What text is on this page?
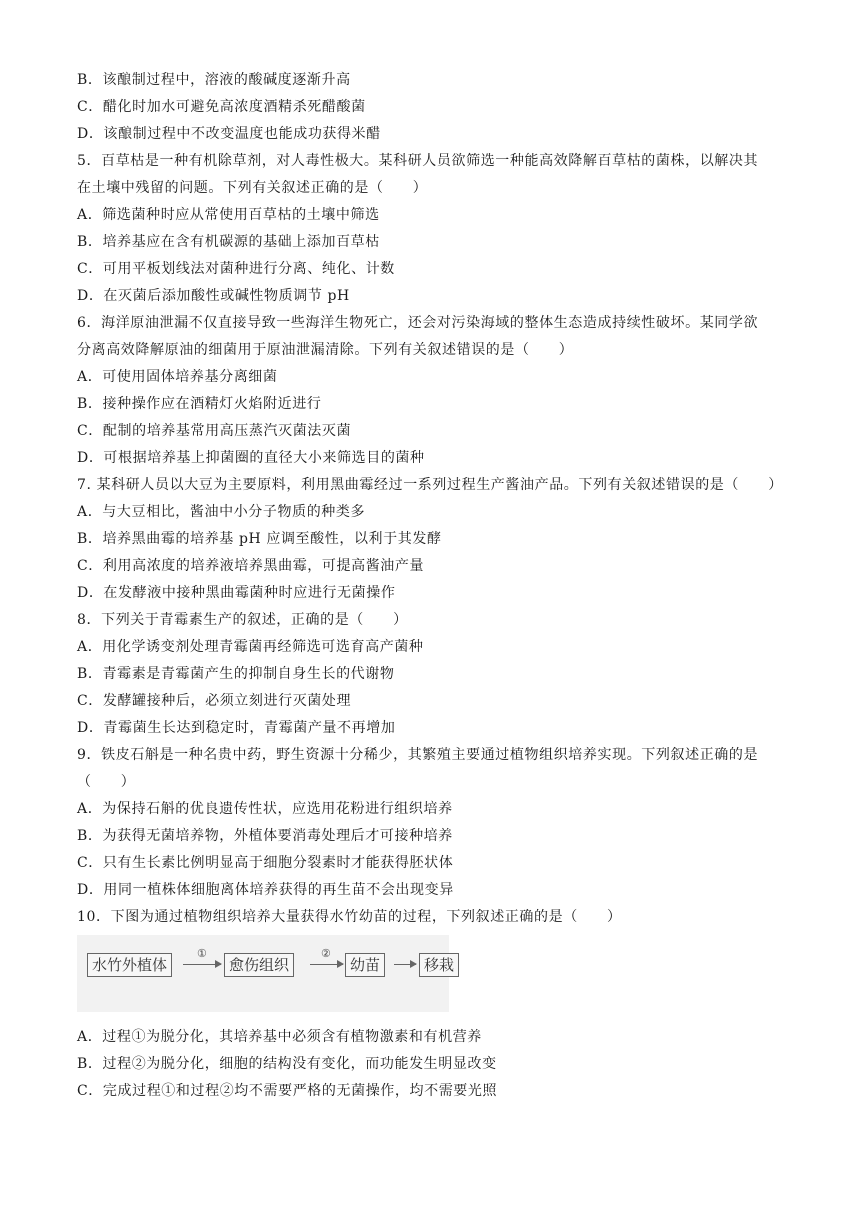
B．该酿制过程中，溶液的酸碱度逐渐升高
C．醋化时加水可避免高浓度酒精杀死醋酸菌
D．该酿制过程中不改变温度也能成功获得米醋
5．百草枯是一种有机除草剂，对人毒性极大。某科研人员欲筛选一种能高效降解百草枯的菌株，以解决其
在土壤中残留的问题。下列有关叙述正确的是（　　）
A．筛选菌种时应从常使用百草枯的土壤中筛选
B．培养基应在含有机碳源的基础上添加百草枯
C．可用平板划线法对菌种进行分离、纯化、计数
D．在灭菌后添加酸性或碱性物质调节 pH
6．海洋原油泄漏不仅直接导致一些海洋生物死亡，还会对污染海域的整体生态造成持续性破坏。某同学欲
分离高效降解原油的细菌用于原油泄漏清除。下列有关叙述错误的是（　　）
A．可使用固体培养基分离细菌
B．接种操作应在酒精灯火焰附近进行
C．配制的培养基常用高压蒸汽灭菌法灭菌
D．可根据培养基上抑菌圈的直径大小来筛选目的菌种
7. 某科研人员以大豆为主要原料，利用黑曲霉经过一系列过程生产酱油产品。下列有关叙述错误的是（　　）
A．与大豆相比，酱油中小分子物质的种类多
B．培养黑曲霉的培养基 pH 应调至酸性，以利于其发酵
C．利用高浓度的培养液培养黑曲霉，可提高酱油产量
D．在发酵液中接种黑曲霉菌种时应进行无菌操作
8．下列关于青霉素生产的叙述，正确的是（　　）
A．用化学诱变剂处理青霉菌再经筛选可选育高产菌种
B．青霉素是青霉菌产生的抑制自身生长的代谢物
C．发酵罐接种后，必须立刻进行灭菌处理
D．青霉菌生长达到稳定时，青霉菌产量不再增加
9．铁皮石斛是一种名贵中药，野生资源十分稀少，其繁殖主要通过植物组织培养实现。下列叙述正确的是
（　　）
A．为保持石斛的优良遗传性状，应选用花粉进行组织培养
B．为获得无菌培养物，外植体要消毒处理后才可接种培养
C．只有生长素比例明显高于细胞分裂素时才能获得胚状体
D．用同一植株体细胞离体培养获得的再生苗不会出现变异
10．下图为通过植物组织培养大量获得水竹幼苗的过程，下列叙述正确的是（　　）
水竹外植体
①
愈伤组织
②
幼苗	移栽
A．过程①为脱分化，其培养基中必须含有植物激素和有机营养
B．过程②为脱分化，细胞的结构没有变化，而功能发生明显改变
C．完成过程①和过程②均不需要严格的无菌操作，均不需要光照
